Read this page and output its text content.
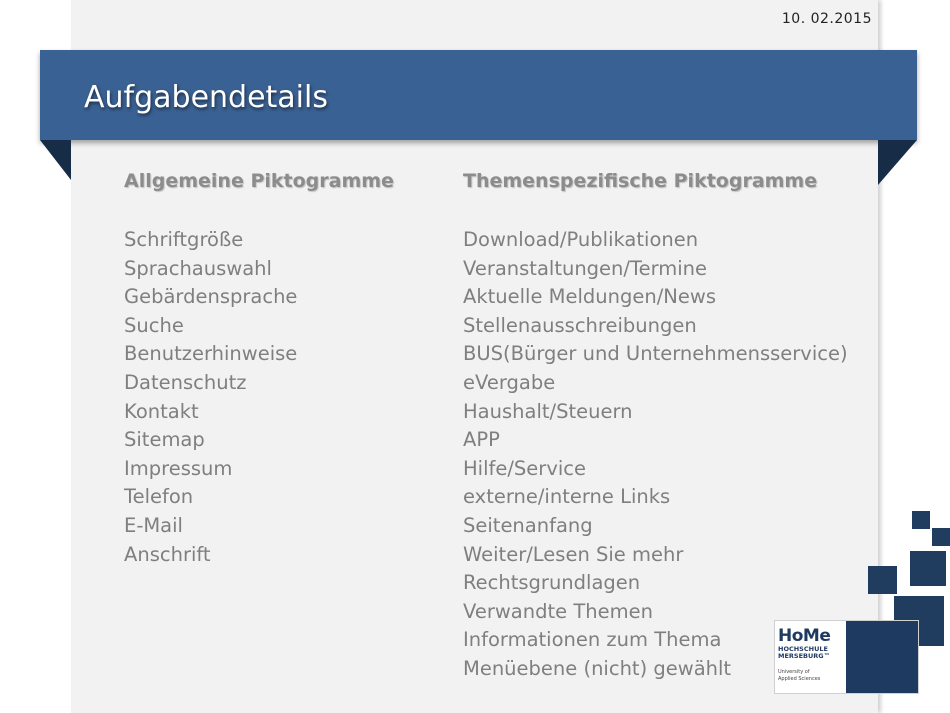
10. 02.2015
Aufgabendetails
Allgemeine Piktogramme
Schriftgröße
Sprachauswahl
Gebärdensprache
Suche
Benutzerhinweise
Datenschutz
Kontakt
Sitemap
Impressum
Telefon
E-Mail
Anschrift
Themenspezifische Piktogramme
Download/Publikationen
Veranstaltungen/Termine
Aktuelle Meldungen/News
Stellenausschreibungen
BUS(Bürger und Unternehmensservice)
eVergabe
Haushalt/Steuern
APP
Hilfe/Service
externe/interne Links
Seitenanfang
Weiter/Lesen Sie mehr
Rechtsgrundlagen
Verwandte Themen
Informationen zum Thema
Menüebene (nicht) gewählt
HoMe
HOCHSCHULE
MERSEBURG™
University of
Applied Sciences
